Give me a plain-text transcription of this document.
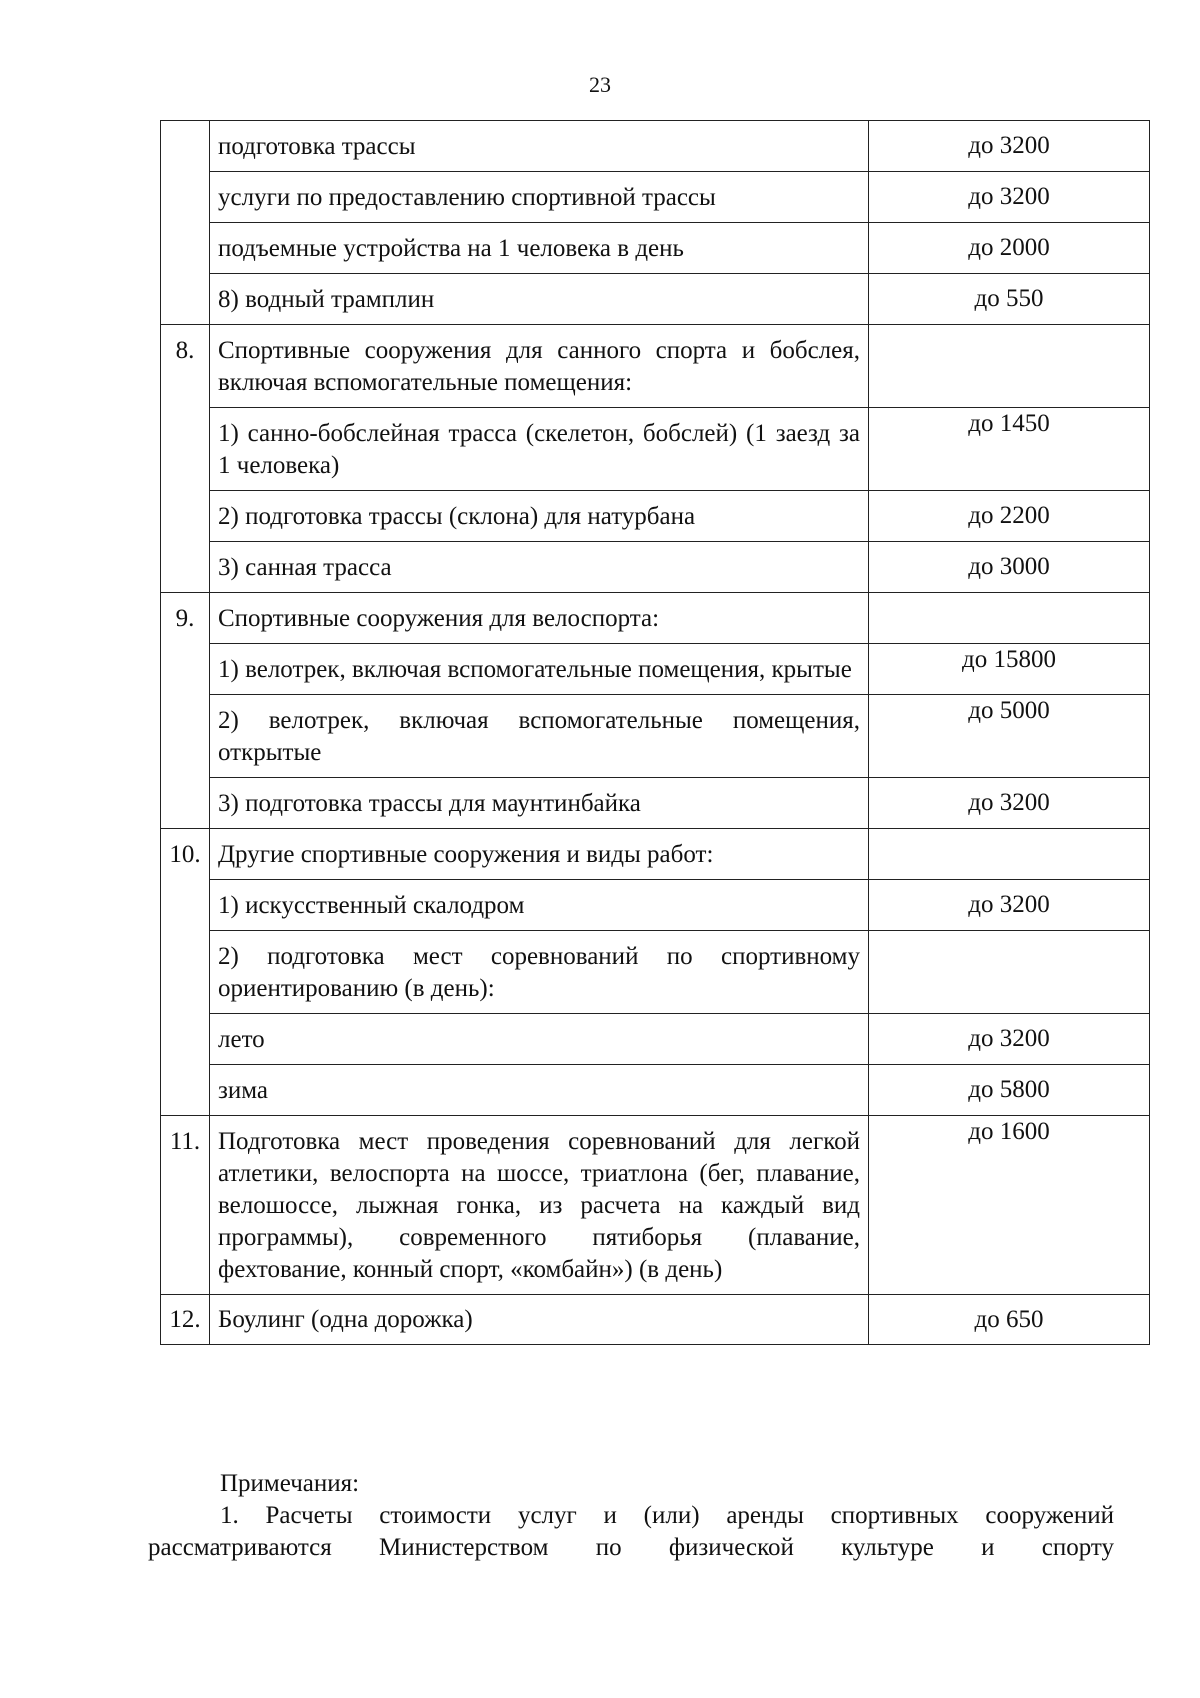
23
	подготовка трассы	до 3200
	услуги по предоставлению спортивной трассы	до 3200
	подъемные устройства на 1 человека в день	до 2000
	8) водный трамплин	до 550
8.	Спортивные сооружения для санного спорта и бобслея, включая вспомогательные помещения:	
	1) санно-бобслейная трасса (скелетон, бобслей) (1 заезд за 1 человека)	до 1450
	2) подготовка трассы (склона) для натурбана	до 2200
	3) санная трасса	до 3000
9.	Спортивные сооружения для велоспорта:	
	1) велотрек, включая вспомогательные помещения, крытые	до 15800
	2) велотрек, включая вспомогательные помещения, открытые	до 5000
	3) подготовка трассы для маунтинбайка	до 3200
10.	Другие спортивные сооружения и виды работ:	
	1) искусственный скалодром	до 3200
	2) подготовка мест соревнований по спортивному ориентированию (в день):	
	лето	до 3200
	зима	до 5800
11.	Подготовка мест проведения соревнований для легкой атлетики, велоспорта на шоссе, триатлона (бег, плавание, велошоссе, лыжная гонка, из расчета на каждый вид программы), современного пятиборья (плавание, фехтование, конный спорт, «комбайн») (в день)	до 1600
12.	Боулинг (одна дорожка)	до 650
Примечания:
1. Расчеты стоимости услуг и (или) аренды спортивных сооружений рассматриваются Министерством по физической культуре и спорту
